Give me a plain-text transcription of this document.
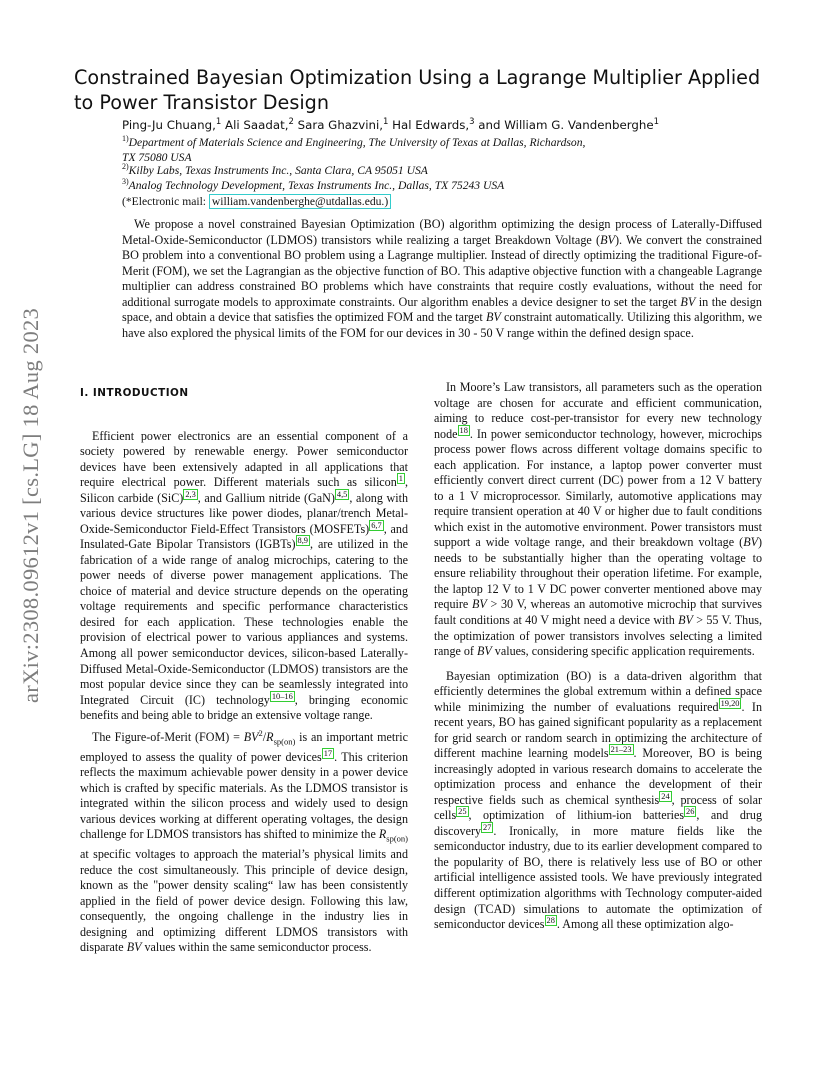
arXiv:2308.09612v1 [cs.LG] 18 Aug 2023
Constrained Bayesian Optimization Using a Lagrange Multiplier Applied to Power Transistor Design
Ping-Ju Chuang,$^1$ Ali Saadat,$^2$ Sara Ghazvini,$^1$ Hal Edwards,$^3$ and William G. Vandenberghe$^1$
$^{1)}$Department of Materials Science and Engineering, The University of Texas at Dallas, Richardson,
TX 75080 USA
$^{2)}$Kilby Labs, Texas Instruments Inc., Santa Clara, CA 95051 USA
$^{3)}$Analog Technology Development, Texas Instruments Inc., Dallas, TX 75243 USA
(*Electronic mail: william.vandenberghe@utdallas.edu.)

We propose a novel constrained Bayesian Optimization (BO) algorithm optimizing the design process of Laterally-Diffused Metal-Oxide-Semiconductor (LDMOS) transistors while realizing a target Breakdown Voltage (BV). We convert the constrained BO problem into a conventional BO problem using a Lagrange multiplier. Instead of directly optimizing the traditional Figure-of-Merit (FOM), we set the Lagrangian as the objective function of BO. This adaptive objective function with a changeable Lagrange multiplier can address constrained BO problems which have constraints that require costly evaluations, without the need for additional surrogate models to approximate constraints. Our algorithm enables a device designer to set the target BV in the design space, and obtain a device that satisfies the optimized FOM and the target BV constraint automatically. Utilizing this algorithm, we have also explored the physical limits of the FOM for our devices in 30 - 50 V range within the defined design space.

I. INTRODUCTION

Efficient power electronics are an essential component of a society powered by renewable energy. Power semiconductor devices have been extensively adapted in all applications that require electrical power. Different materials such as silicon $^1$ , Silicon carbide (SiC) $^{2,3}$ , and Gallium nitride (GaN) $^{4,5}$ , along with various device structures like power diodes, planar/trench Metal-Oxide-Semiconductor Field-Effect Transistors (MOSFETs) $^{6,7}$ , and Insulated-Gate Bipolar Transistors (IGBTs) $^{8,9}$ , are utilized in the fabrication of a wide range of analog microchips, catering to the power needs of diverse power management applications. The choice of material and device structure depends on the operating voltage requirements and specific performance characteristics desired for each application. These technologies enable the provision of electrical power to various appliances and systems. Among all power semiconductor devices, silicon-based Laterally-Diffused Metal-Oxide-Semiconductor (LDMOS) transistors are the most popular device since they can be seamlessly integrated into Integrated Circuit (IC) technology $^{10-16}$ , bringing economic benefits and being able to bridge an extensive voltage range.

The Figure-of-Merit $(FOM) = BV^2/R_{sp(on)}$ is an important metric employed to assess the quality of power devices $^{17}$ . This criterion reflects the maximum achievable power density in a power device which is crafted by specific materials. As the LDMOS transistor is integrated within the silicon process and widely used to design various devices working at different operating voltages, the design challenge for LDMOS transistors has shifted to minimize the $R_{sp(on)}$ at specific voltages to approach the material’s physical limits and reduce the cost simultaneously. This principle of device design, known as the "power density scaling“ law has been consistently applied in the field of power device design. Following this law, consequently, the ongoing challenge in the industry lies in designing and optimizing different LDMOS transistors with disparate BV values within the same semiconductor process.

In Moore’s Law transistors, all parameters such as the operation voltage are chosen for accurate and efficient communication, aiming to reduce cost-per-transistor for every new technology node $^{18}$ . In power semiconductor technology, however, microchips process power flows across different voltage domains specific to each application. For instance, a laptop power converter must efficiently convert direct current (DC) power from a 12 V battery to a 1 V microprocessor. Similarly, automotive applications may require transient operation at 40 V or higher due to fault conditions which exist in the automotive environment. Power transistors must support a wide voltage range, and their breakdown voltage (BV) needs to be substantially higher than the operating voltage to ensure reliability throughout their operation lifetime. For example, the laptop 12 V to 1 V DC power converter mentioned above may require BV > 30 V, whereas an automotive microchip that survives fault conditions at 40 V might need a device with BV > 55 V. Thus, the optimization of power transistors involves selecting a limited range of BV values, considering specific application requirements.

Bayesian optimization (BO) is a data-driven algorithm that efficiently determines the global extremum within a defined space while minimizing the number of evaluations required $^{19,20}$ . In recent years, BO has gained significant popularity as a replacement for grid search or random search in optimizing the architecture of different machine learning models $^{21-23}$ . Moreover, BO is being increasingly adopted in various research domains to accelerate the optimization process and enhance the development of their respective fields such as chemical synthesis $^{24}$ , process of solar cells $^{25}$ , optimization of lithium-ion batteries $^{26}$ , and drug discovery $^{27}$ . Ironically, in more mature fields like the semiconductor industry, due to its earlier development compared to the popularity of BO, there is relatively less use of BO or other artificial intelligence assisted tools. We have previously integrated different optimization algorithms with Technology computer-aided design (TCAD) simulations to automate the optimization of semiconductor devices $^{28}$ . Among all these optimization algo-
